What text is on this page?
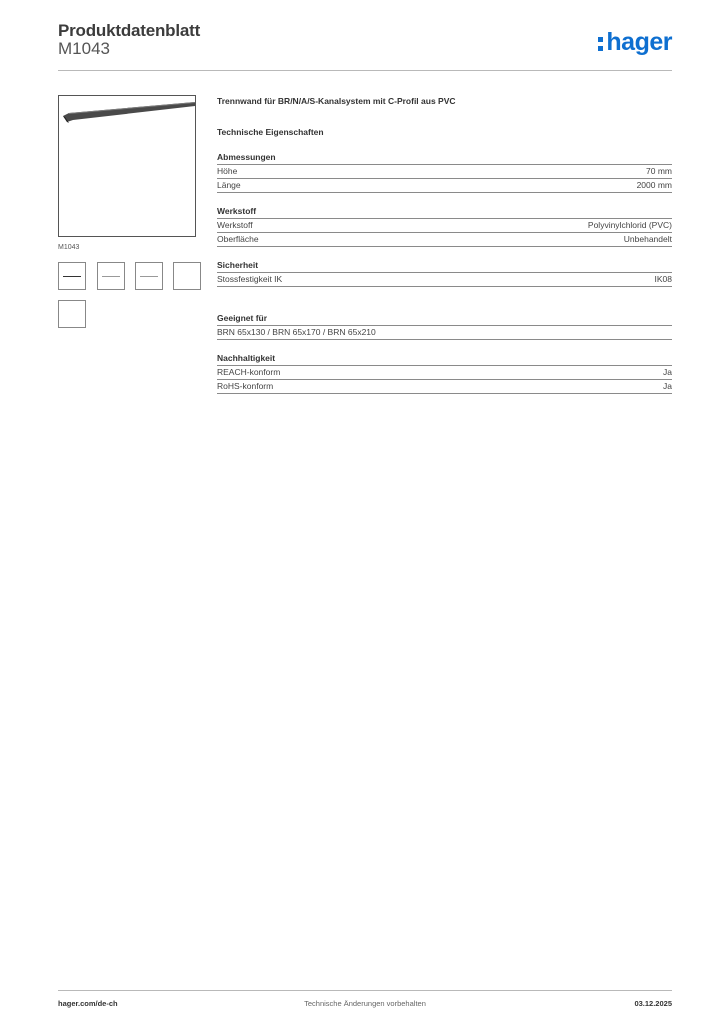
Produktdatenblatt
M1043	hager
M1043
Trennwand für BR/N/A/S-Kanalsystem mit C-Profil aus PVC
Technische Eigenschaften
Abmessungen
Höhe	70 mm
Länge	2000 mm
Werkstoff
Werkstoff	Polyvinylchlorid (PVC)
Oberfläche	Unbehandelt
Sicherheit
Stossfestigkeit IK	IK08
Geeignet für
BRN 65x130 / BRN 65x170 / BRN 65x210
Nachhaltigkeit
REACH-konform	Ja
RoHS-konform	Ja
hager.com/de-ch	Technische Änderungen vorbehalten	03.12.2025
